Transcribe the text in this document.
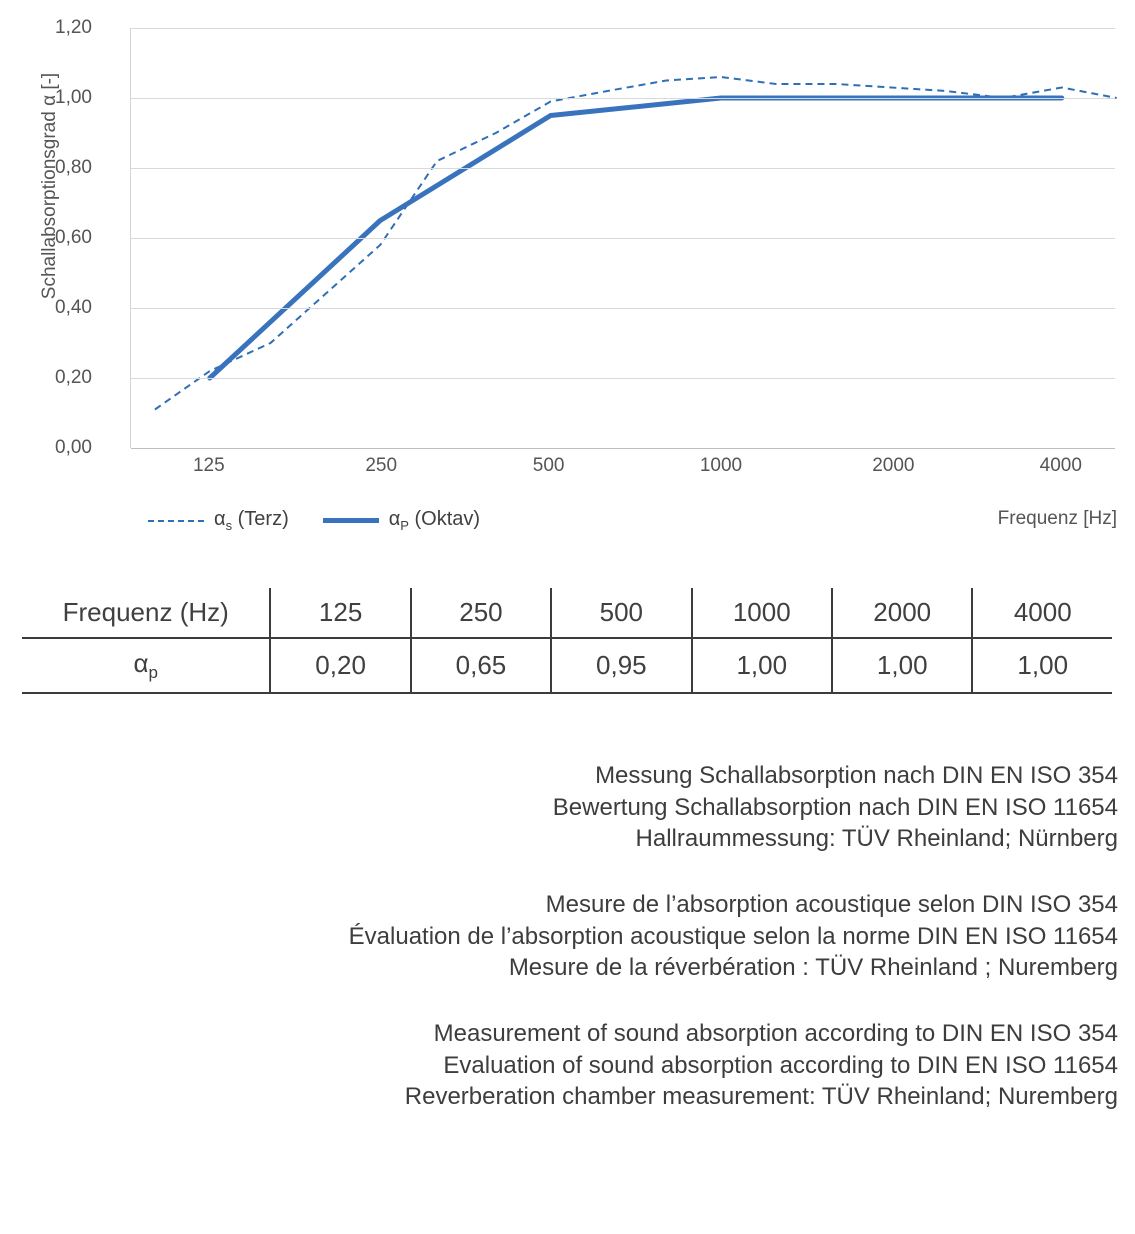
Schallabsorptionsgrad α [-]
0,00
0,20
0,40
0,60
0,80
1,00
1,20
125	250	500	1000	2000	4000
Frequenz [Hz]
$\alpha_s$ (Terz)	$\alpha_P$ (Oktav)
Frequenz (Hz)	125	250	500	1000	2000	4000
$\alpha_p$	0,20	0,65	0,95	1,00	1,00	1,00
Messung Schallabsorption nach DIN EN ISO 354
Bewertung Schallabsorption nach DIN EN ISO 11654
Hallraummessung: TÜV Rheinland; Nürnberg
Mesure de l’absorption acoustique selon DIN ISO 354
Évaluation de l’absorption acoustique selon la norme DIN EN ISO 11654
Mesure de la réverbération : TÜV Rheinland ; Nuremberg
Measurement of sound absorption according to DIN EN ISO 354
Evaluation of sound absorption according to DIN EN ISO 11654
Reverberation chamber measurement: TÜV Rheinland; Nuremberg
